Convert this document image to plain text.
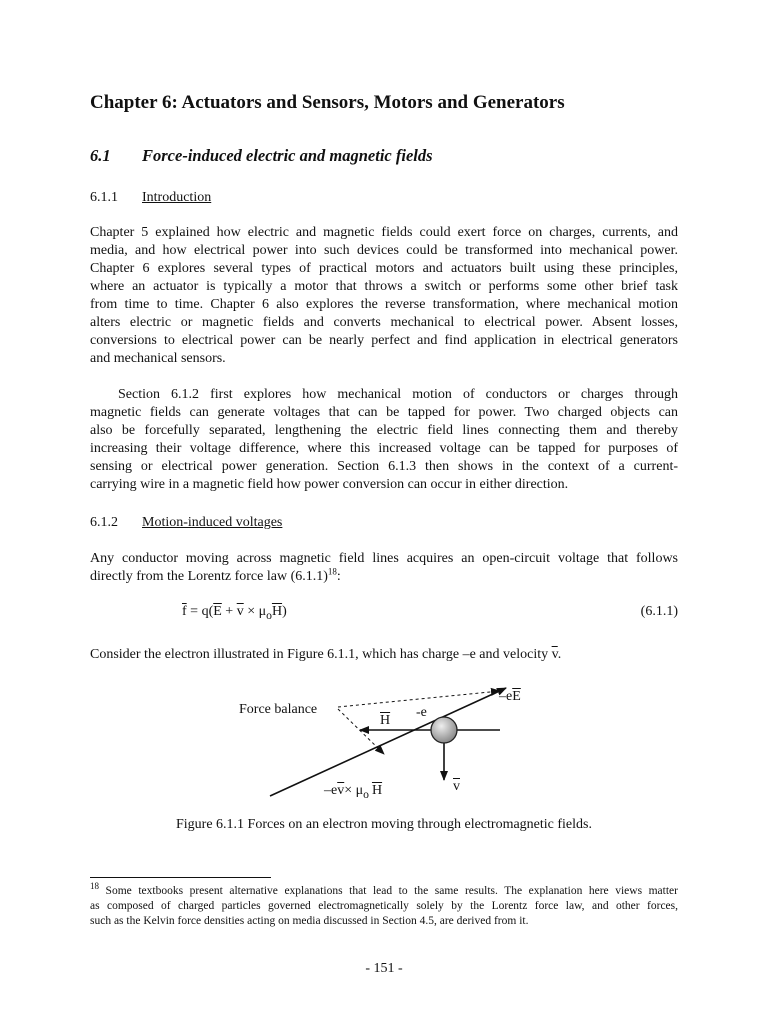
Chapter 6: Actuators and Sensors, Motors and Generators
6.1 Force-induced electric and magnetic fields
6.1.1 Introduction
Chapter 5 explained how electric and magnetic fields could exert force on charges, currents, and
media, and how electrical power into such devices could be transformed into mechanical power.
Chapter 6 explores several types of practical motors and actuators built using these principles,
where an actuator is typically a motor that throws a switch or performs some other brief task
from time to time. Chapter 6 also explores the reverse transformation, where mechanical motion
alters electric or magnetic fields and converts mechanical to electrical power. Absent losses,
conversions to electrical power can be nearly perfect and find application in electrical generators
and mechanical sensors.
Section 6.1.2 first explores how mechanical motion of conductors or charges through
magnetic fields can generate voltages that can be tapped for power. Two charged objects can
also be forcefully separated, lengthening the electric field lines connecting them and thereby
increasing their voltage difference, where this increased voltage can be tapped for purposes of
sensing or electrical power generation. Section 6.1.3 then shows in the context of a current-
carrying wire in a magnetic field how power conversion can occur in either direction.
6.1.2 Motion-induced voltages
Any conductor moving across magnetic field lines acquires an open-circuit voltage that follows
directly from the Lorentz force law $(6.1.1)^{18}$:
$\overline{f} = q(\overline{E} + \overline{v} \times \mu_o\overline{H})$	(6.1.1)
Consider the electron illustrated in Figure 6.1.1, which has charge –e and velocity $\overline{v}$.
Force balance	-e
$\overline{H}$
$-e\overline{E}$
$\overline{v}$
$-e\overline{v}\times \mu_o$ $\overline{H}$
Figure 6.1.1 Forces on an electron moving through electromagnetic fields.
$^{18}$ Some textbooks present alternative explanations that lead to the same results. The explanation here views matter
as composed of charged particles governed electromagnetically solely by the Lorentz force law, and other forces,
such as the Kelvin force densities acting on media discussed in Section 4.5, are derived from it.
- 151 -
